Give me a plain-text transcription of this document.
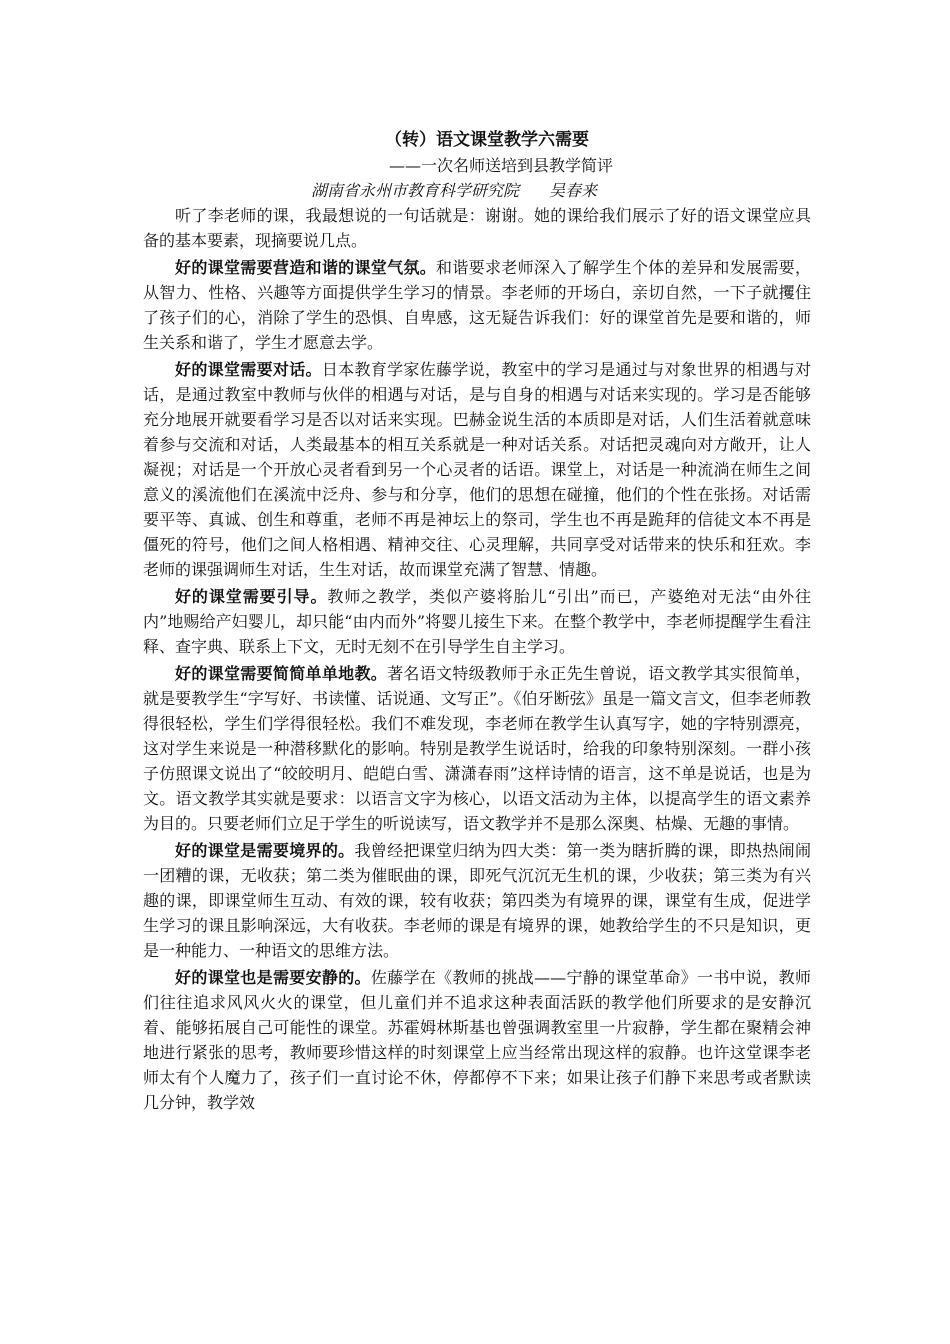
（转）语文课堂教学六需要

——一次名师送培到县教学简评

湖南省永州市教育科学研究院 吴春来

听了李老师的课，我最想说的一句话就是：谢谢。她的课给我们展示了好的语文课堂应具备的基本要素，现摘要说几点。

好的课堂需要营造和谐的课堂气氛。和谐要求老师深入了解学生个体的差异和发展需要，从智力、性格、兴趣等方面提供学生学习的情景。李老师的开场白，亲切自然，一下子就攫住了孩子们的心，消除了学生的恐惧、自卑感，这无疑告诉我们：好的课堂首先是要和谐的，师生关系和谐了，学生才愿意去学。

好的课堂需要对话。日本教育学家佐藤学说，教室中的学习是通过与对象世界的相遇与对话，是通过教室中教师与伙伴的相遇与对话，是与自身的相遇与对话来实现的。学习是否能够充分地展开就要看学习是否以对话来实现。巴赫金说生活的本质即是对话，人们生活着就意味着参与交流和对话，人类最基本的相互关系就是一种对话关系。对话把灵魂向对方敞开，让人凝视；对话是一个开放心灵者看到另一个心灵者的话语。课堂上，对话是一种流淌在师生之间意义的溪流他们在溪流中泛舟、参与和分享，他们的思想在碰撞，他们的个性在张扬。对话需要平等、真诚、创生和尊重，老师不再是神坛上的祭司，学生也不再是跪拜的信徒文本不再是僵死的符号，他们之间人格相遇、精神交往、心灵理解，共同享受对话带来的快乐和狂欢。李老师的课强调师生对话，生生对话，故而课堂充满了智慧、情趣。

好的课堂需要引导。教师之教学，类似产婆将胎儿“引出”而已，产婆绝对无法“由外往内”地赐给产妇婴儿，却只能“由内而外”将婴儿接生下来。在整个教学中，李老师提醒学生看注释、查字典、联系上下文，无时无刻不在引导学生自主学习。

好的课堂需要简简单单地教。著名语文特级教师于永正先生曾说，语文教学其实很简单，就是要教学生“字写好、书读懂、话说通、文写正”。《伯牙断弦》虽是一篇文言文，但李老师教得很轻松，学生们学得很轻松。我们不难发现，李老师在教学生认真写字，她的字特别漂亮，这对学生来说是一种潜移默化的影响。特别是教学生说话时，给我的印象特别深刻。一群小孩子仿照课文说出了“皎皎明月、皑皑白雪、潇潇春雨”这样诗情的语言，这不单是说话，也是为文。语文教学其实就是要求：以语言文字为核心，以语文活动为主体，以提高学生的语文素养为目的。只要老师们立足于学生的听说读写，语文教学并不是那么深奥、枯燥、无趣的事情。

好的课堂是需要境界的。我曾经把课堂归纳为四大类：第一类为瞎折腾的课，即热热闹闹一团糟的课，无收获；第二类为催眠曲的课，即死气沉沉无生机的课，少收获；第三类为有兴趣的课，即课堂师生互动、有效的课，较有收获；第四类为有境界的课，课堂有生成，促进学生学习的课且影响深远，大有收获。李老师的课是有境界的课，她教给学生的不只是知识，更是一种能力、一种语文的思维方法。

好的课堂也是需要安静的。佐藤学在《教师的挑战——宁静的课堂革命》一书中说，教师们往往追求风风火火的课堂，但儿童们并不追求这种表面活跃的教学他们所要求的是安静沉着、能够拓展自己可能性的课堂。苏霍姆林斯基也曾强调教室里一片寂静，学生都在聚精会神地进行紧张的思考，教师要珍惜这样的时刻课堂上应当经常出现这样的寂静。也许这堂课李老师太有个人魔力了，孩子们一直讨论不休，停都停不下来；如果让孩子们静下来思考或者默读几分钟，教学效
